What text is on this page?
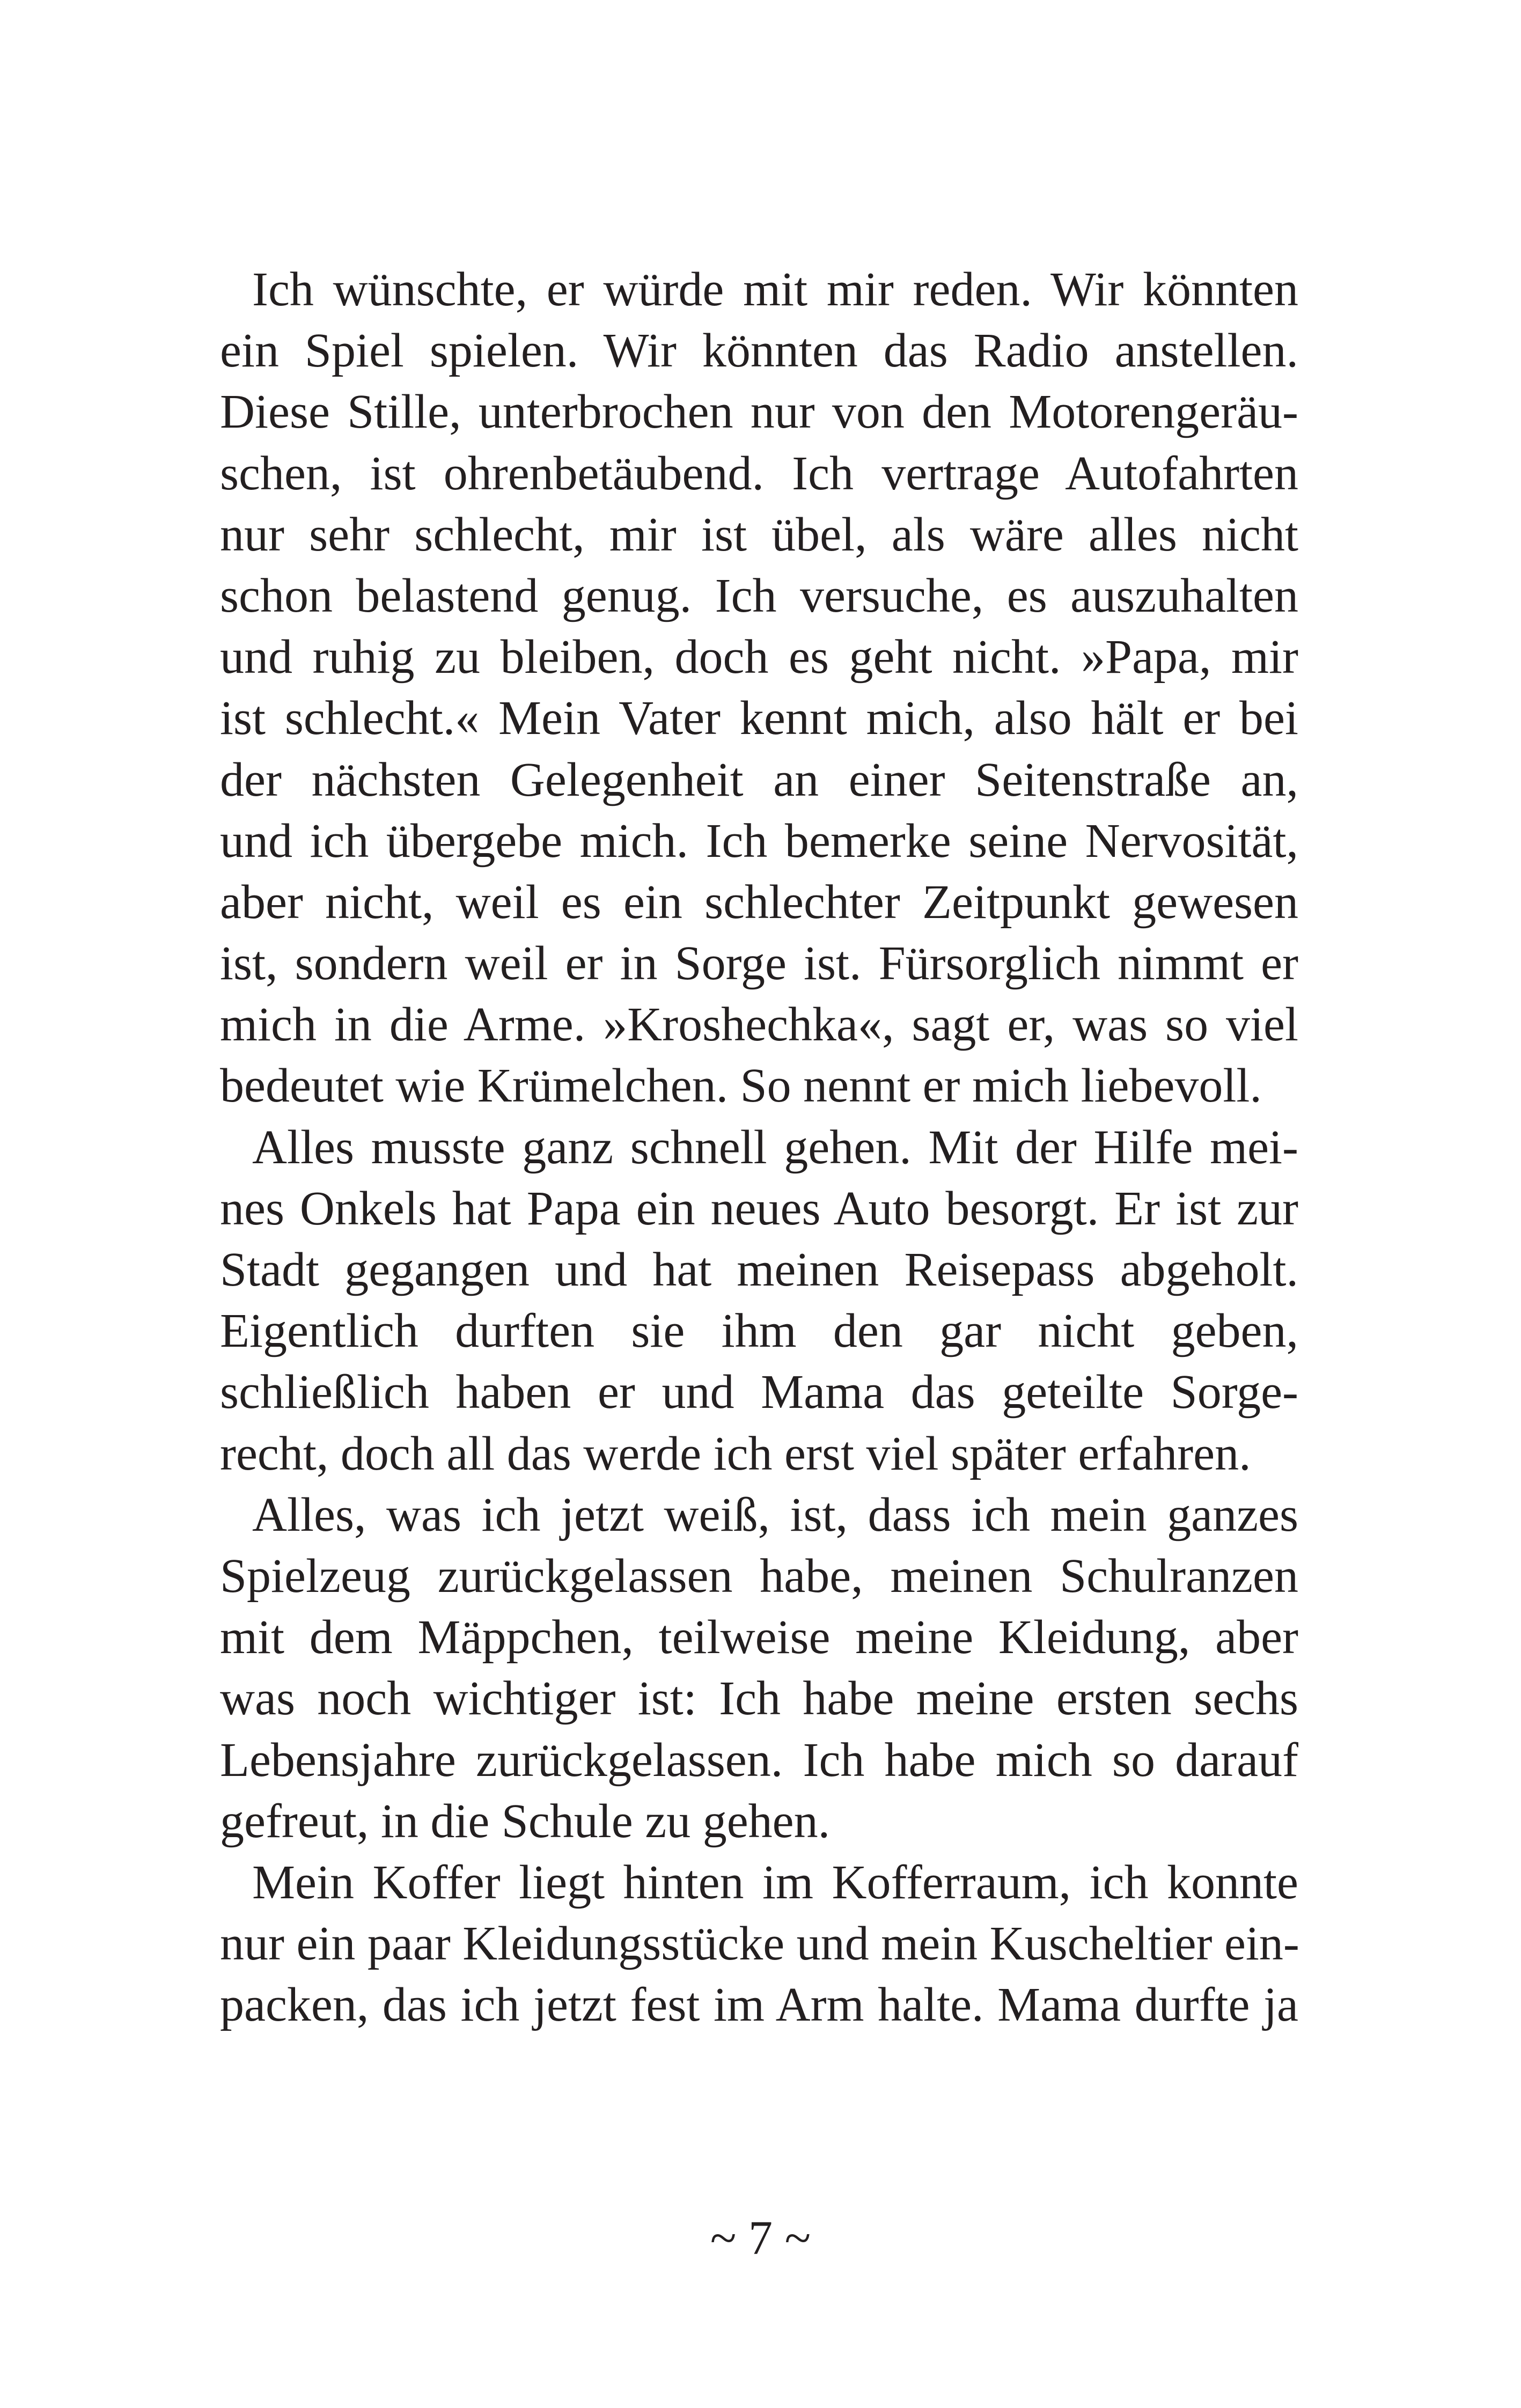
Ich wünschte, er würde mit mir reden. Wir könnten
ein Spiel spielen. Wir könnten das Radio anstellen.
Diese Stille, unterbrochen nur von den Motorengeräu-
schen, ist ohrenbetäubend. Ich vertrage Autofahrten
nur sehr schlecht, mir ist übel, als wäre alles nicht
schon belastend genug. Ich versuche, es auszuhalten
und ruhig zu bleiben, doch es geht nicht. »Papa, mir
ist schlecht.« Mein Vater kennt mich, also hält er bei
der nächsten Gelegenheit an einer Seitenstraße an,
und ich übergebe mich. Ich bemerke seine Nervosität,
aber nicht, weil es ein schlechter Zeitpunkt gewesen
ist, sondern weil er in Sorge ist. Fürsorglich nimmt er
mich in die Arme. »Kroshechka«, sagt er, was so viel
bedeutet wie Krümelchen. So nennt er mich liebevoll.
Alles musste ganz schnell gehen. Mit der Hilfe mei-
nes Onkels hat Papa ein neues Auto besorgt. Er ist zur
Stadt gegangen und hat meinen Reisepass abgeholt.
Eigentlich durften sie ihm den gar nicht geben,
schließlich haben er und Mama das geteilte Sorge-
recht, doch all das werde ich erst viel später erfahren.
Alles, was ich jetzt weiß, ist, dass ich mein ganzes
Spielzeug zurückgelassen habe, meinen Schulranzen
mit dem Mäppchen, teilweise meine Kleidung, aber
was noch wichtiger ist: Ich habe meine ersten sechs
Lebensjahre zurückgelassen. Ich habe mich so darauf
gefreut, in die Schule zu gehen.
Mein Koffer liegt hinten im Kofferraum, ich konnte
nur ein paar Kleidungsstücke und mein Kuscheltier ein-
packen, das ich jetzt fest im Arm halte. Mama durfte ja
~ 7 ~
